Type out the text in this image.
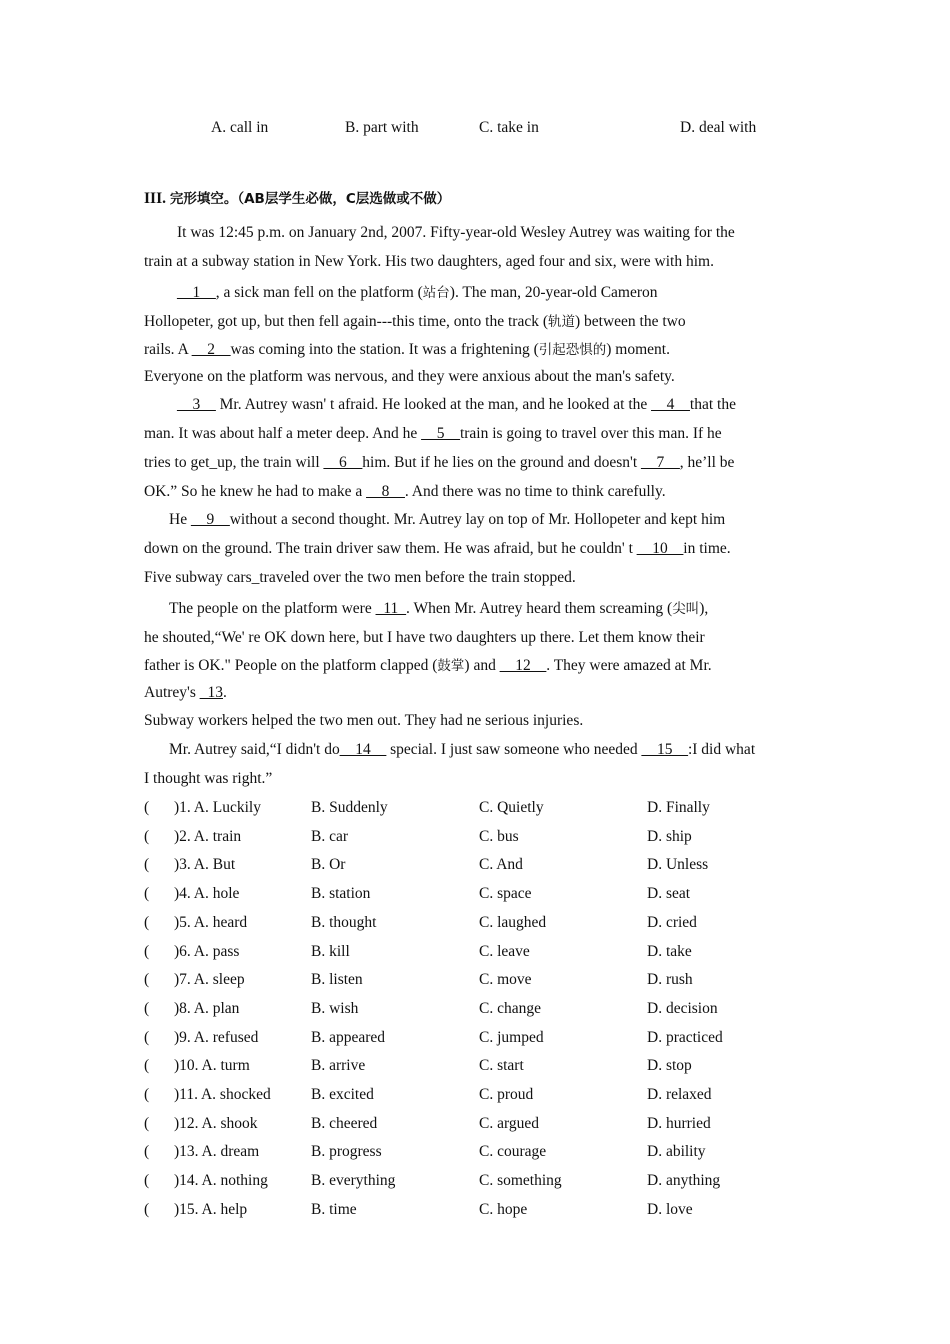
A. call in	B. part with	C. take in	D. deal with
III. 完形填空。（AB层学生必做，C层选做或不做）
It was 12:45 p.m. on January 2nd, 2007. Fifty-year-old Wesley Autrey was waiting for the
train at a subway station in New York. His two daughters, aged four and six, were with him.
__1__, a sick man fell on the platform (站台). The man, 20-year-old Cameron
Hollopeter, got up, but then fell again---this time, onto the track (轨道) between the two
rails. A __2__was coming into the station. It was a frightening (引起恐惧的) moment.
Everyone on the platform was nervous, and they were anxious about the man's safety.
__3__ Mr. Autrey wasn' t afraid. He looked at the man, and he looked at the __4__that the
man. It was about half a meter deep. And he __5__train is going to travel over this man. If he
tries to get_up, the train will __6__him. But if he lies on the ground and doesn't __7__, he’ll be
OK.” So he knew he had to make a __8__. And there was no time to think carefully.
He __9__without a second thought. Mr. Autrey lay on top of Mr. Hollopeter and kept him
down on the ground. The train driver saw them. He was afraid, but he couldn' t __10__in time.
Five subway cars_traveled over the two men before the train stopped.
The people on the platform were _11_. When Mr. Autrey heard them screaming (尖叫),
he shouted,“We' re OK down here, but I have two daughters up there. Let them know their
father is OK." People on the platform clapped (鼓掌) and __12__. They were amazed at Mr.
Autrey's _13.
Subway workers helped the two men out. They had ne serious injuries.
Mr. Autrey said,“I didn't do__14__ special. I just saw someone who needed __15__:I did what
I thought was right.”
( )1. A. Luckily	B. Suddenly	C. Quietly	D. Finally
( )2. A. train	B. car	C. bus	D. ship
( )3. A. But	B. Or	C. And	D. Unless
( )4. A. hole	B. station	C. space	D. seat
( )5. A. heard	B. thought	C. laughed	D. cried
( )6. A. pass	B. kill	C. leave	D. take
( )7. A. sleep	B. listen	C. move	D. rush
( )8. A. plan	B. wish	C. change	D. decision
( )9. A. refused	B. appeared	C. jumped	D. practiced
( )10. A. turm	B. arrive	C. start	D. stop
( )11. A. shocked	B. excited	C. proud	D. relaxed
( )12. A. shook	B. cheered	C. argued	D. hurried
( )13. A. dream	B. progress	C. courage	D. ability
( )14. A. nothing	B. everything	C. something	D. anything
( )15. A. help	B. time	C. hope	D. love
